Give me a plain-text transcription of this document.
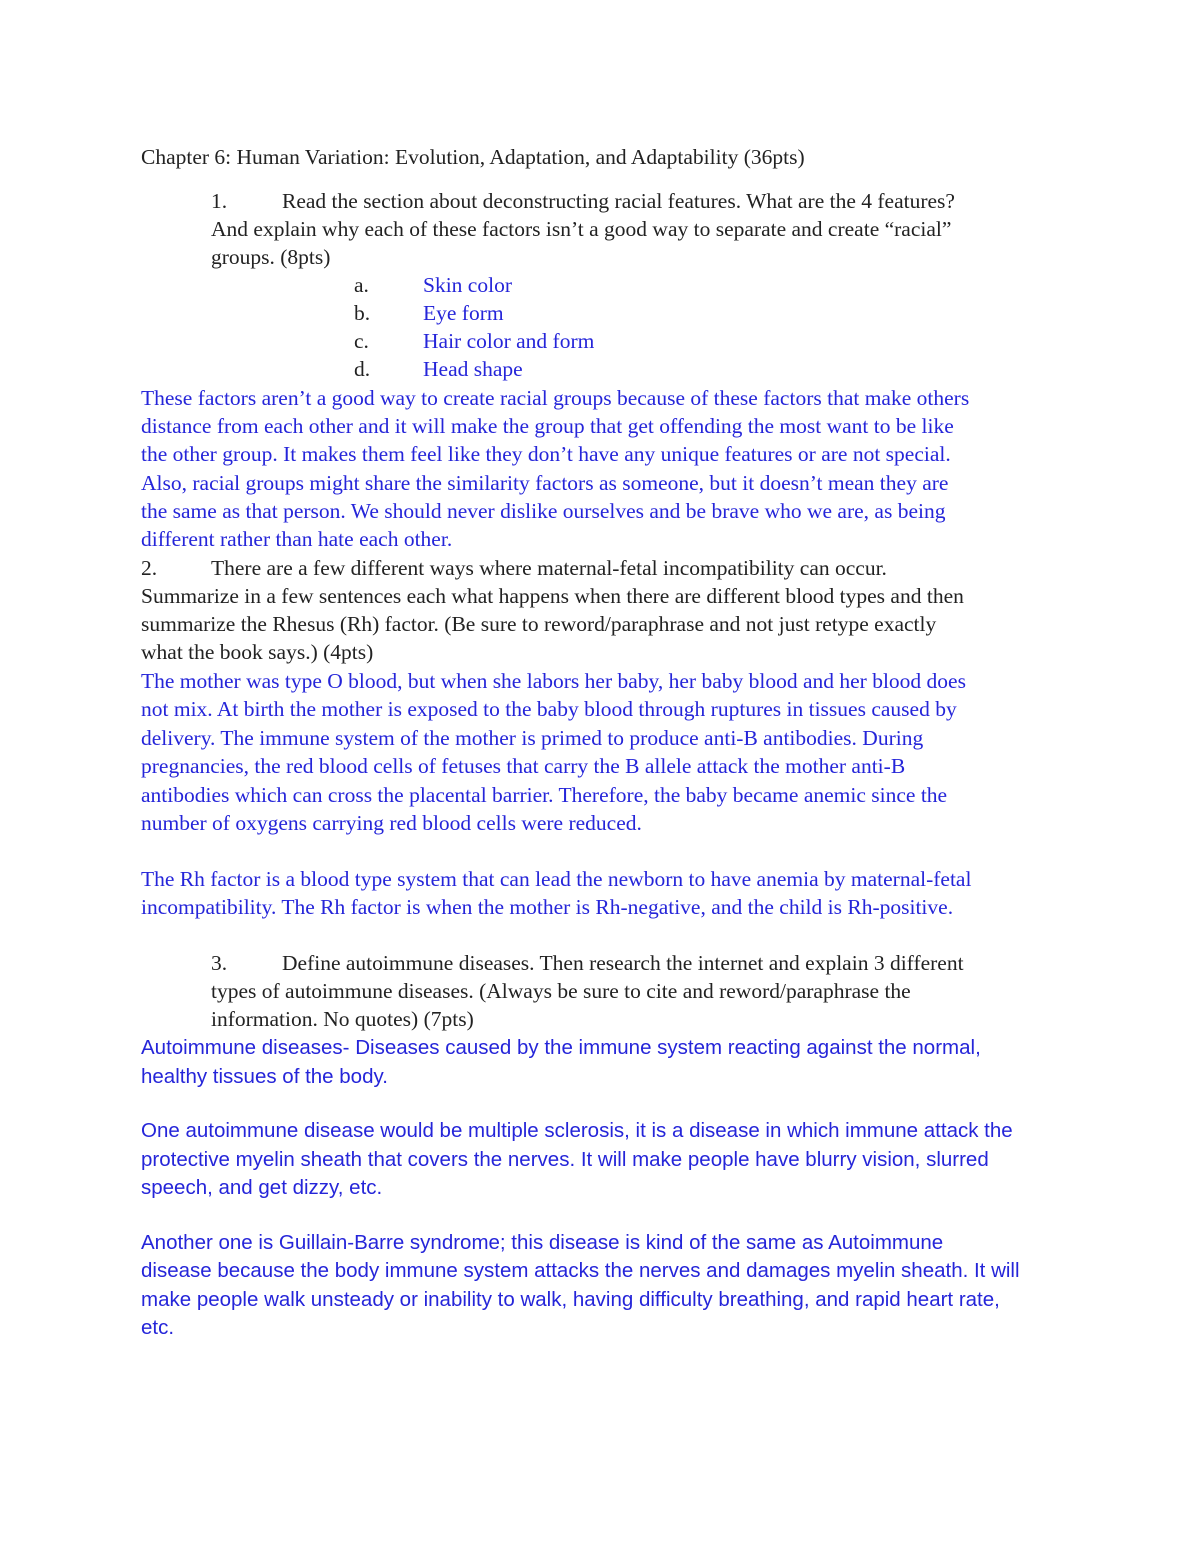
Chapter 6: Human Variation: Evolution, Adaptation, and Adaptability (36pts)
1.	Read the section about deconstructing racial features. What are the 4 features?
And explain why each of these factors isn’t a good way to separate and create “racial”
groups. (8pts)
a.	Skin color
b. Eye form
c.	Hair color and form
d. Head shape
These factors aren’t a good way to create racial groups because of these factors that make others
distance from each other and it will make the group that get offending the most want to be like
the other group. It makes them feel like they don’t have any unique features or are not special.
Also, racial groups might share the similarity factors as someone, but it doesn’t mean they are
the same as that person. We should never dislike ourselves and be brave who we are, as being
different rather than hate each other.
2.	There are a few different ways where maternal-fetal incompatibility can occur.
Summarize in a few sentences each what happens when there are different blood types and then
summarize the Rhesus (Rh) factor. (Be sure to reword/paraphrase and not just retype exactly
what the book says.) (4pts)
The mother was type O blood, but when she labors her baby, her baby blood and her blood does
not mix. At birth the mother is exposed to the baby blood through ruptures in tissues caused by
delivery. The immune system of the mother is primed to produce anti-B antibodies. During
pregnancies, the red blood cells of fetuses that carry the B allele attack the mother anti-B
antibodies which can cross the placental barrier. Therefore, the baby became anemic since the
number of oxygens carrying red blood cells were reduced.
The Rh factor is a blood type system that can lead the newborn to have anemia by maternal-fetal
incompatibility. The Rh factor is when the mother is Rh-negative, and the child is Rh-positive.
3.	Define autoimmune diseases. Then research the internet and explain 3 different
types of autoimmune diseases. (Always be sure to cite and reword/paraphrase the
information. No quotes) (7pts)
Autoimmune diseases- Diseases caused by the immune system reacting against the normal,
healthy tissues of the body.
One autoimmune disease would be multiple sclerosis, it is a disease in which immune attack the
protective myelin sheath that covers the nerves. It will make people have blurry vision, slurred
speech, and get dizzy, etc.
Another one is Guillain-Barre syndrome; this disease is kind of the same as Autoimmune
disease because the body immune system attacks the nerves and damages myelin sheath. It will
make people walk unsteady or inability to walk, having difficulty breathing, and rapid heart rate,
etc.
